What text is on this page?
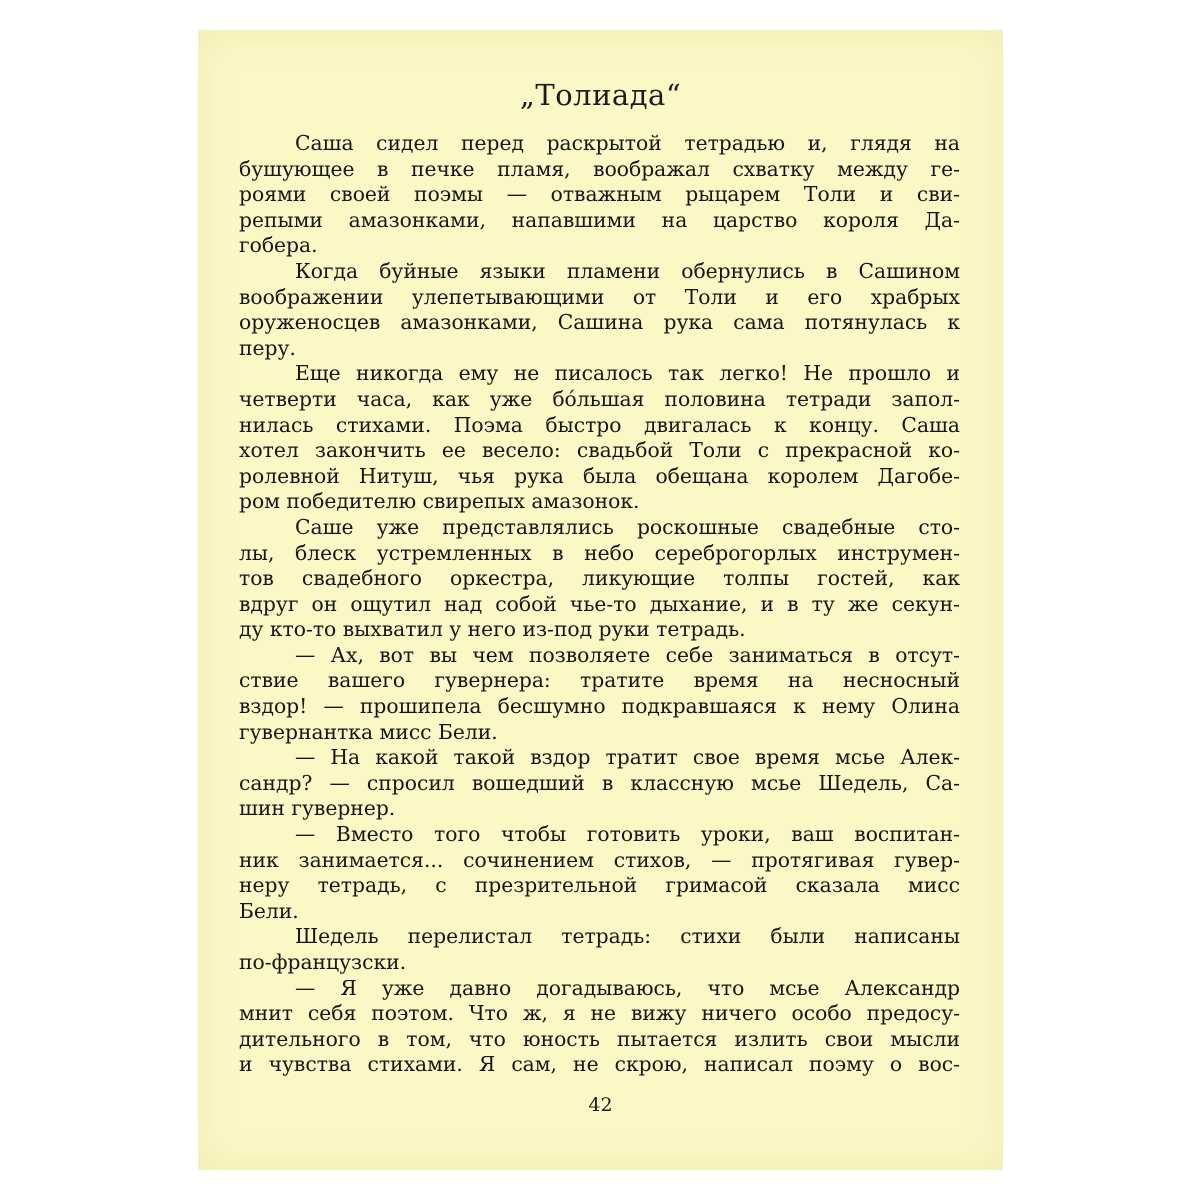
„Толиада“
Саша сидел перед раскрытой тетрадью и, глядя на
бушующее в печке пламя, воображал схватку между ге-
роями своей поэмы — отважным рыцарем Толи и сви-
репыми амазонками, напавшими на царство короля Да-
гобера.
Когда буйные языки пламени обернулись в Сашином
воображении улепетывающими от Толи и его храбрых
оруженосцев амазонками, Сашина рука сама потянулась к
перу.
Еще никогда ему не писалось так легко! Не прошло и
четверти часа, как уже бо́льшая половина тетради запол-
нилась стихами. Поэма быстро двигалась к концу. Саша
хотел закончить ее весело: свадьбой Толи с прекрасной ко-
ролевной Нитуш, чья рука была обещана королем Дагобе-
ром победителю свирепых амазонок.
Саше уже представлялись роскошные свадебные сто-
лы, блеск устремленных в небо сереброгорлых инструмен-
тов свадебного оркестра, ликующие толпы гостей, как
вдруг он ощутил над собой чье-то дыхание, и в ту же секун-
ду кто-то выхватил у него из-под руки тетрадь.
— Ах, вот вы чем позволяете себе заниматься в отсут-
ствие вашего гувернера: тратите время на несносный
вздор! — прошипела бесшумно подкравшаяся к нему Олина
гувернантка мисс Бели.
— На какой такой вздор тратит свое время мсье Алек-
сандр? — спросил вошедший в классную мсье Шедель, Са-
шин гувернер.
— Вместо того чтобы готовить уроки, ваш воспитан-
ник занимается... сочинением стихов, — протягивая гувер-
неру тетрадь, с презрительной гримасой сказала мисс
Бели.
Шедель перелистал тетрадь: стихи были написаны
по-французски.
— Я уже давно догадываюсь, что мсье Александр
мнит себя поэтом. Что ж, я не вижу ничего особо предосу-
дительного в том, что юность пытается излить свои мысли
и чувства стихами. Я сам, не скрою, написал поэму о вос-
42
